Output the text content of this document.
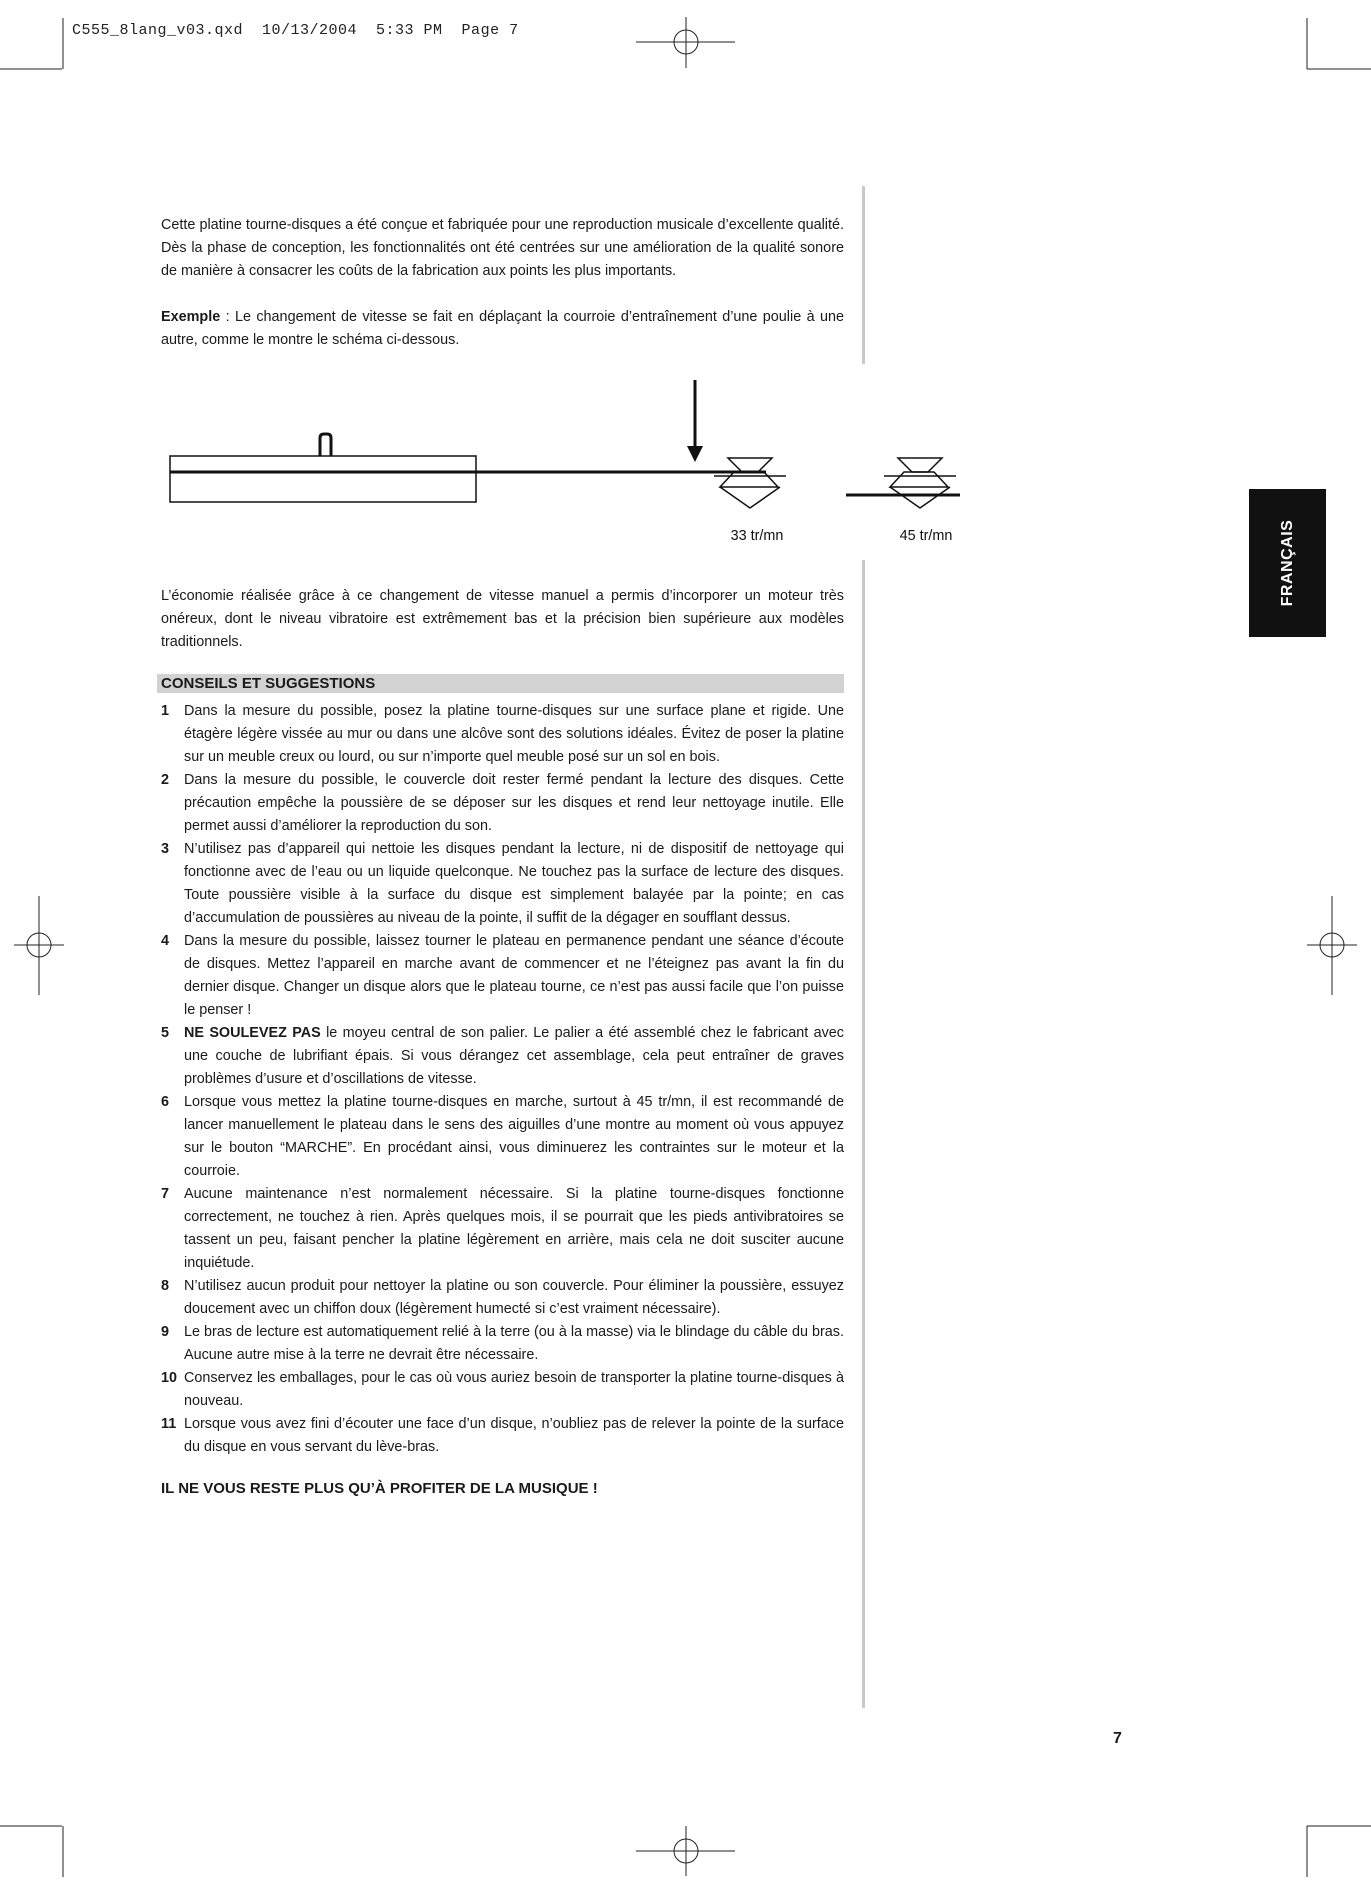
C555_8lang_v03.qxd  10/13/2004  5:33 PM  Page 7
FRANÇAIS

Cette platine tourne-disques a été conçue et fabriquée pour une reproduction musicale d’excellente qualité. Dès la phase de conception, les fonctionnalités ont été centrées sur une amélioration de la qualité sonore de manière à consacrer les coûts de la fabrication aux points les plus importants.

Exemple : Le changement de vitesse se fait en déplaçant la courroie d’entraînement d’une poulie à une autre, comme le montre le schéma ci-dessous.

33 tr/mn	45 tr/mn

L’économie réalisée grâce à ce changement de vitesse manuel a permis d’incorporer un moteur très onéreux, dont le niveau vibratoire est extrêmement bas et la précision bien supérieure aux modèles traditionnels.

CONSEILS ET SUGGESTIONS
1 Dans la mesure du possible, posez la platine tourne-disques sur une surface plane et rigide. Une étagère légère vissée au mur ou dans une alcôve sont des solutions idéales. Évitez de poser la platine sur un meuble creux ou lourd, ou sur n’importe quel meuble posé sur un sol en bois.
2 Dans la mesure du possible, le couvercle doit rester fermé pendant la lecture des disques. Cette précaution empêche la poussière de se déposer sur les disques et rend leur nettoyage inutile. Elle permet aussi d’améliorer la reproduction du son.
3 N’utilisez pas d’appareil qui nettoie les disques pendant la lecture, ni de dispositif de nettoyage qui fonctionne avec de l’eau ou un liquide quelconque. Ne touchez pas la surface de lecture des disques. Toute poussière visible à la surface du disque est simplement balayée par la pointe; en cas d’accumulation de poussières au niveau de la pointe, il suffit de la dégager en soufflant dessus.
4 Dans la mesure du possible, laissez tourner le plateau en permanence pendant une séance d’écoute de disques. Mettez l’appareil en marche avant de commencer et ne l’éteignez pas avant la fin du dernier disque. Changer un disque alors que le plateau tourne, ce n’est pas aussi facile que l’on puisse le penser !
5 NE SOULEVEZ PAS le moyeu central de son palier. Le palier a été assemblé chez le fabricant avec une couche de lubrifiant épais. Si vous dérangez cet assemblage, cela peut entraîner de graves problèmes d’usure et d’oscillations de vitesse.
6 Lorsque vous mettez la platine tourne-disques en marche, surtout à 45 tr/mn, il est recommandé de lancer manuellement le plateau dans le sens des aiguilles d’une montre au moment où vous appuyez sur le bouton “MARCHE”. En procédant ainsi, vous diminuerez les contraintes sur le moteur et la courroie.
7 Aucune maintenance n’est normalement nécessaire. Si la platine tourne-disques fonctionne correctement, ne touchez à rien. Après quelques mois, il se pourrait que les pieds antivibratoires se tassent un peu, faisant pencher la platine légèrement en arrière, mais cela ne doit susciter aucune inquiétude.
8 N’utilisez aucun produit pour nettoyer la platine ou son couvercle. Pour éliminer la poussière, essuyez doucement avec un chiffon doux (légèrement humecté si c’est vraiment nécessaire).
9 Le bras de lecture est automatiquement relié à la terre (ou à la masse) via le blindage du câble du bras. Aucune autre mise à la terre ne devrait être nécessaire.
10 Conservez les emballages, pour le cas où vous auriez besoin de transporter la platine tourne-disques à nouveau.
11 Lorsque vous avez fini d’écouter une face d’un disque, n’oubliez pas de relever la pointe de la surface du disque en vous servant du lève-bras.
IL NE VOUS RESTE PLUS QU’À PROFITER DE LA MUSIQUE !
7
